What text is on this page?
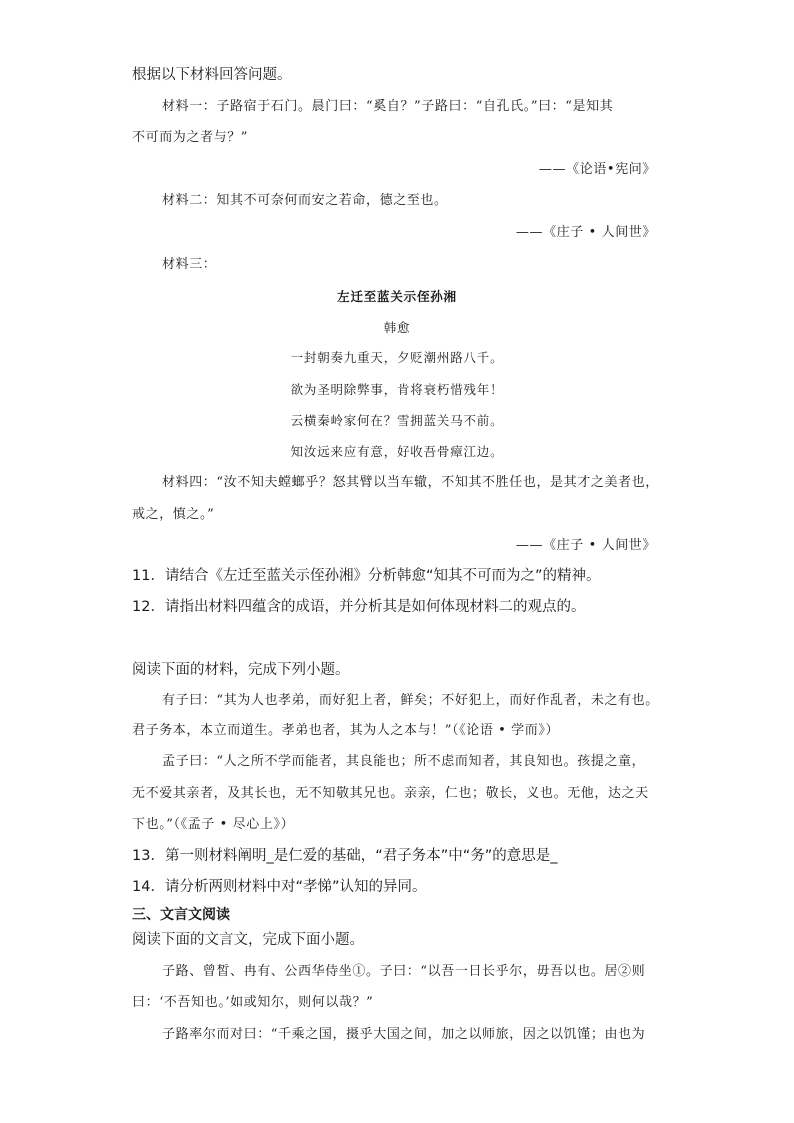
根据以下材料回答问题。
材料一：子路宿于石门。晨门曰：“奚自？”子路曰：“自孔氏。”曰：“是知其
不可而为之者与？”
——《论语•宪问》
材料二：知其不可奈何而安之若命，德之至也。
——《庄子 • 人间世》
材料三：
左迁至蓝关示侄孙湘
韩愈
一封朝奏九重天，夕贬潮州路八千。
欲为圣明除弊事，肯将衰朽惜残年！
云横秦岭家何在？雪拥蓝关马不前。
知汝远来应有意，好收吾骨瘴江边。
材料四：“汝不知夫螳螂乎？怒其臂以当车辙，不知其不胜任也，是其才之美者也，
戒之，慎之。”
——《庄子 • 人间世》
11．请结合《左迁至蓝关示侄孙湘》分析韩愈“知其不可而为之”的精神。
12．请指出材料四蕴含的成语，并分析其是如何体现材料二的观点的。
阅读下面的材料，完成下列小题。
有子曰：“其为人也孝弟，而好犯上者，鲜矣；不好犯上，而好作乱者，未之有也。
君子务本，本立而道生。孝弟也者，其为人之本与！”（《论语 • 学而》）
孟子曰：“人之所不学而能者，其良能也；所不虑而知者，其良知也。孩提之童，
无不爱其亲者，及其长也，无不知敬其兄也。亲亲，仁也；敬长，义也。无他，达之天
下也。”（《孟子 • 尽心上》）
13．第一则材料阐明_是仁爱的基础，“君子务本”中“务”的意思是_
14．请分析两则材料中对“孝悌”认知的异同。
三、文言文阅读
阅读下面的文言文，完成下面小题。
子路、曾皙、冉有、公西华侍坐①。子曰：“以吾一日长乎尔，毋吾以也。居②则
曰：‘不吾知也。’如或知尔，则何以哉？”
子路率尔而对曰：“千乘之国，摄乎大国之间，加之以师旅，因之以饥馑；由也为
